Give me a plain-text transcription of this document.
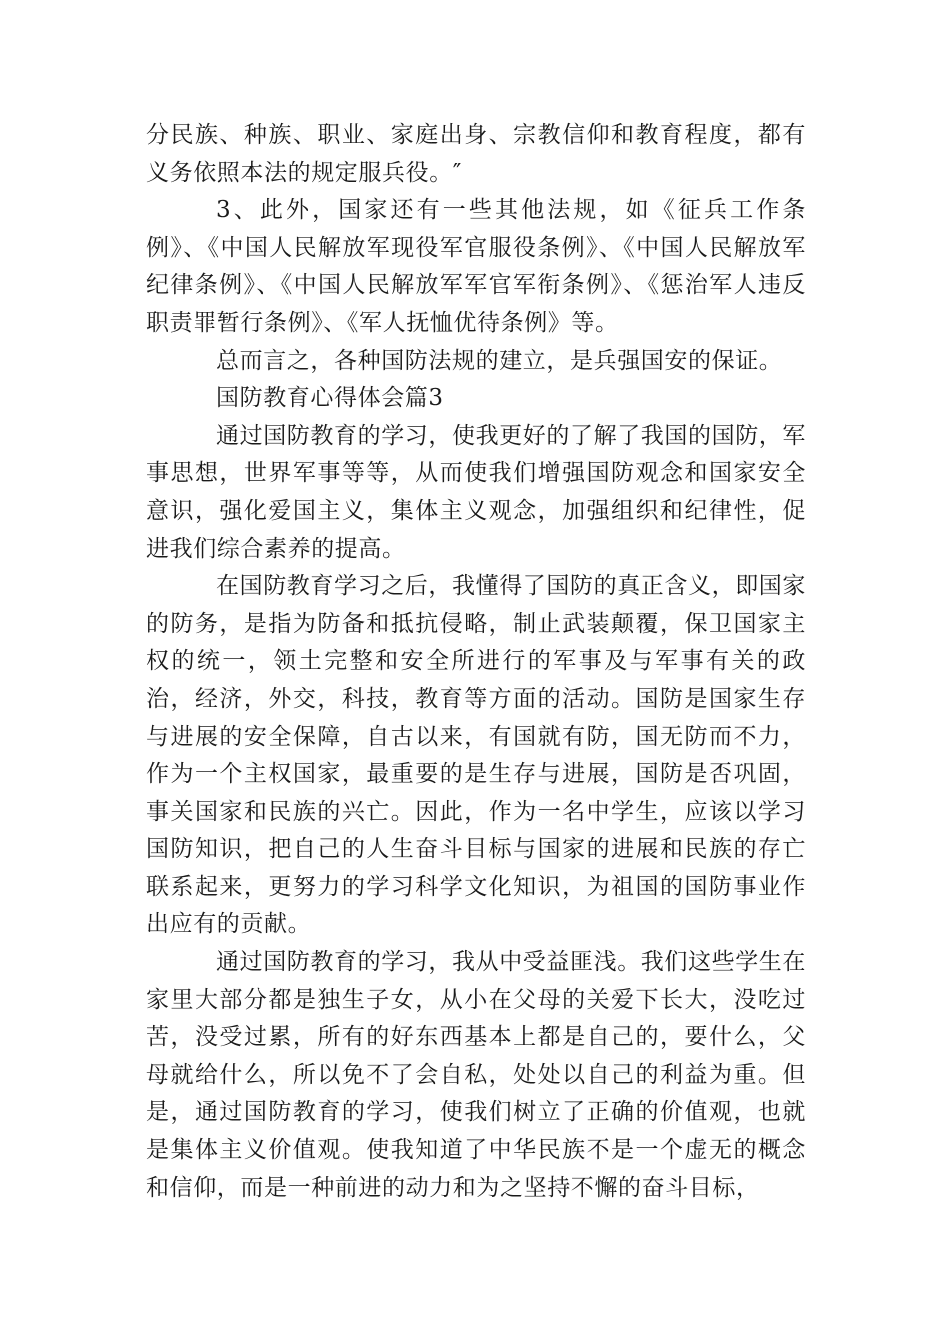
分民族、种族、职业、家庭出身、宗教信仰和教育程度，都有义务依照本法的规定服兵役。″

3、此外，国家还有一些其他法规，如《征兵工作条例》、《中国人民解放军现役军官服役条例》、《中国人民解放军纪律条例》、《中国人民解放军军官军衔条例》、《惩治军人违反职责罪暂行条例》、《军人抚恤优待条例》等。

总而言之，各种国防法规的建立，是兵强国安的保证。

国防教育心得体会篇3

通过国防教育的学习，使我更好的了解了我国的国防，军事思想，世界军事等等，从而使我们增强国防观念和国家安全意识，强化爱国主义，集体主义观念，加强组织和纪律性，促进我们综合素养的提高。

在国防教育学习之后，我懂得了国防的真正含义，即国家的防务，是指为防备和抵抗侵略，制止武装颠覆，保卫国家主权的统一，领土完整和安全所进行的军事及与军事有关的政治，经济，外交，科技，教育等方面的活动。国防是国家生存与进展的安全保障，自古以来，有国就有防，国无防而不力，作为一个主权国家，最重要的是生存与进展，国防是否巩固，事关国家和民族的兴亡。因此，作为一名中学生，应该以学习国防知识，把自己的人生奋斗目标与国家的进展和民族的存亡联系起来，更努力的学习科学文化知识，为祖国的国防事业作出应有的贡献。

通过国防教育的学习，我从中受益匪浅。我们这些学生在家里大部分都是独生子女，从小在父母的关爱下长大，没吃过苦，没受过累，所有的好东西基本上都是自己的，要什么，父母就给什么，所以免不了会自私，处处以自己的利益为重。但是，通过国防教育的学习，使我们树立了正确的价值观，也就是集体主义价值观。使我知道了中华民族不是一个虚无的概念和信仰，而是一种前进的动力和为之坚持不懈的奋斗目标，
